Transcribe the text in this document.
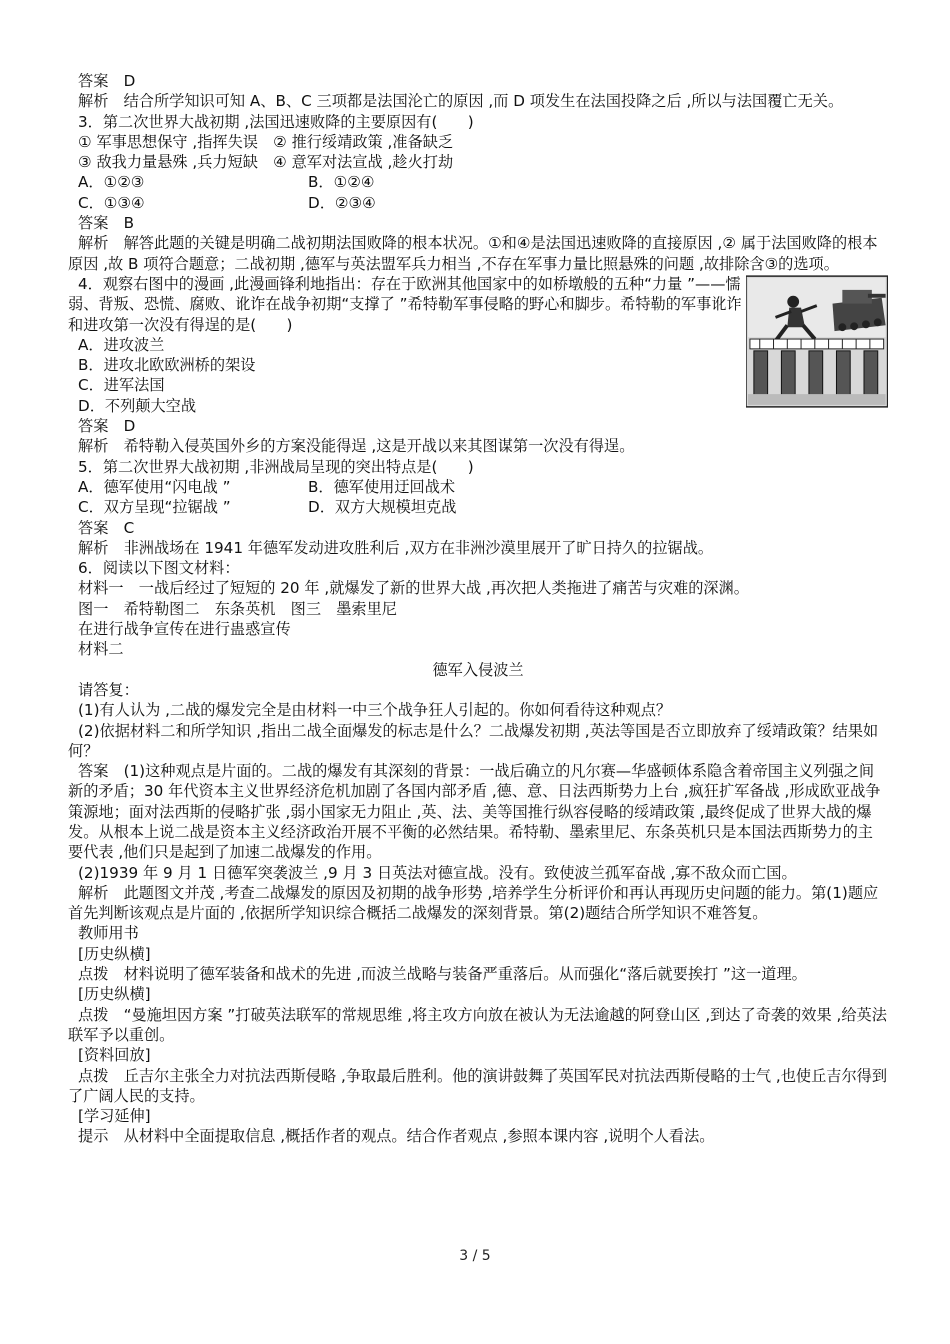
答案　D

解析　结合所学知识可知 A、B、C 三项都是法国沦亡的原因 ,而 D 项发生在法国投降之后 ,所以与法国覆亡无关。

3．第二次世界大战初期 ,法国迅速败降的主要原因有(　　)

① 军事思想保守 ,指挥失误　② 推行绥靖政策 ,准备缺乏

③ 敌我力量悬殊 ,兵力短缺　④ 意军对法宣战 ,趁火打劫

A．①②③	B．①②④
C．①③④	D．②③④

答案　B

解析　解答此题的关键是明确二战初期法国败降的根本状况。①和④是法国迅速败降的直接原因 ,② 属于法国败降的根本原因 ,故 B 项符合题意；二战初期 ,德军与英法盟军兵力相当 ,不存在军事力量比照悬殊的问题 ,故排除含③的选项。

4．观察右图中的漫画 ,此漫画锋利地指出：存在于欧洲其他国家中的如桥墩般的五种“力量 ”——懦弱、背叛、恐慌、腐败、讹诈在战争初期“支撑了 ”希特勒军事侵略的野心和脚步。希特勒的军事讹诈和进攻第一次没有得逞的是(　　)

A．进攻波兰

B．进攻北欧欧洲桥的架设

C．进军法国

D．不列颠大空战

答案　D

解析　希特勒入侵英国外乡的方案没能得逞 ,这是开战以来其图谋第一次没有得逞。

5．第二次世界大战初期 ,非洲战局呈现的突出特点是(　　)

A．德军使用“闪电战 ”	B．德军使用迂回战术
C．双方呈现“拉锯战 ”	D．双方大规模坦克战

答案　C

解析　非洲战场在 1941 年德军发动进攻胜利后 ,双方在非洲沙漠里展开了旷日持久的拉锯战。

6．阅读以下图文材料：

材料一　一战后经过了短短的 20 年 ,就爆发了新的世界大战 ,再次把人类拖进了痛苦与灾难的深渊。

图一　希特勒图二　东条英机　图三　墨索里尼

在进行战争宣传在进行蛊惑宣传

材料二

德军入侵波兰

请答复：

(1)有人认为 ,二战的爆发完全是由材料一中三个战争狂人引起的。你如何看待这种观点？

(2)依据材料二和所学知识 ,指出二战全面爆发的标志是什么？二战爆发初期 ,英法等国是否立即放弃了绥靖政策？结果如何？

答案　(1)这种观点是片面的。二战的爆发有其深刻的背景：一战后确立的凡尔赛—华盛顿体系隐含着帝国主义列强之间新的矛盾；30 年代资本主义世界经济危机加剧了各国内部矛盾 ,德、意、日法西斯势力上台 ,疯狂扩军备战 ,形成欧亚战争策源地；面对法西斯的侵略扩张 ,弱小国家无力阻止 ,英、法、美等国推行纵容侵略的绥靖政策 ,最终促成了世界大战的爆发。从根本上说二战是资本主义经济政治开展不平衡的必然结果。希特勒、墨索里尼、东条英机只是本国法西斯势力的主要代表 ,他们只是起到了加速二战爆发的作用。

(2)1939 年 9 月 1 日德军突袭波兰 ,9 月 3 日英法对德宣战。没有。致使波兰孤军奋战 ,寡不敌众而亡国。

解析　此题图文并茂 ,考查二战爆发的原因及初期的战争形势 ,培养学生分析评价和再认再现历史问题的能力。第(1)题应首先判断该观点是片面的 ,依据所学知识综合概括二战爆发的深刻背景。第(2)题结合所学知识不难答复。

教师用书

[历史纵横]

点拨　材料说明了德军装备和战术的先进 ,而波兰战略与装备严重落后。从而强化“落后就要挨打 ”这一道理。

[历史纵横]

点拨　“曼施坦因方案 ”打破英法联军的常规思维 ,将主攻方向放在被认为无法逾越的阿登山区 ,到达了奇袭的效果 ,给英法联军予以重创。

[资料回放]

点拨　丘吉尔主张全力对抗法西斯侵略 ,争取最后胜利。他的演讲鼓舞了英国军民对抗法西斯侵略的士气 ,也使丘吉尔得到了广阔人民的支持。

[学习延伸]

提示　从材料中全面提取信息 ,概括作者的观点。结合作者观点 ,参照本课内容 ,说明个人看法。

3 / 5
